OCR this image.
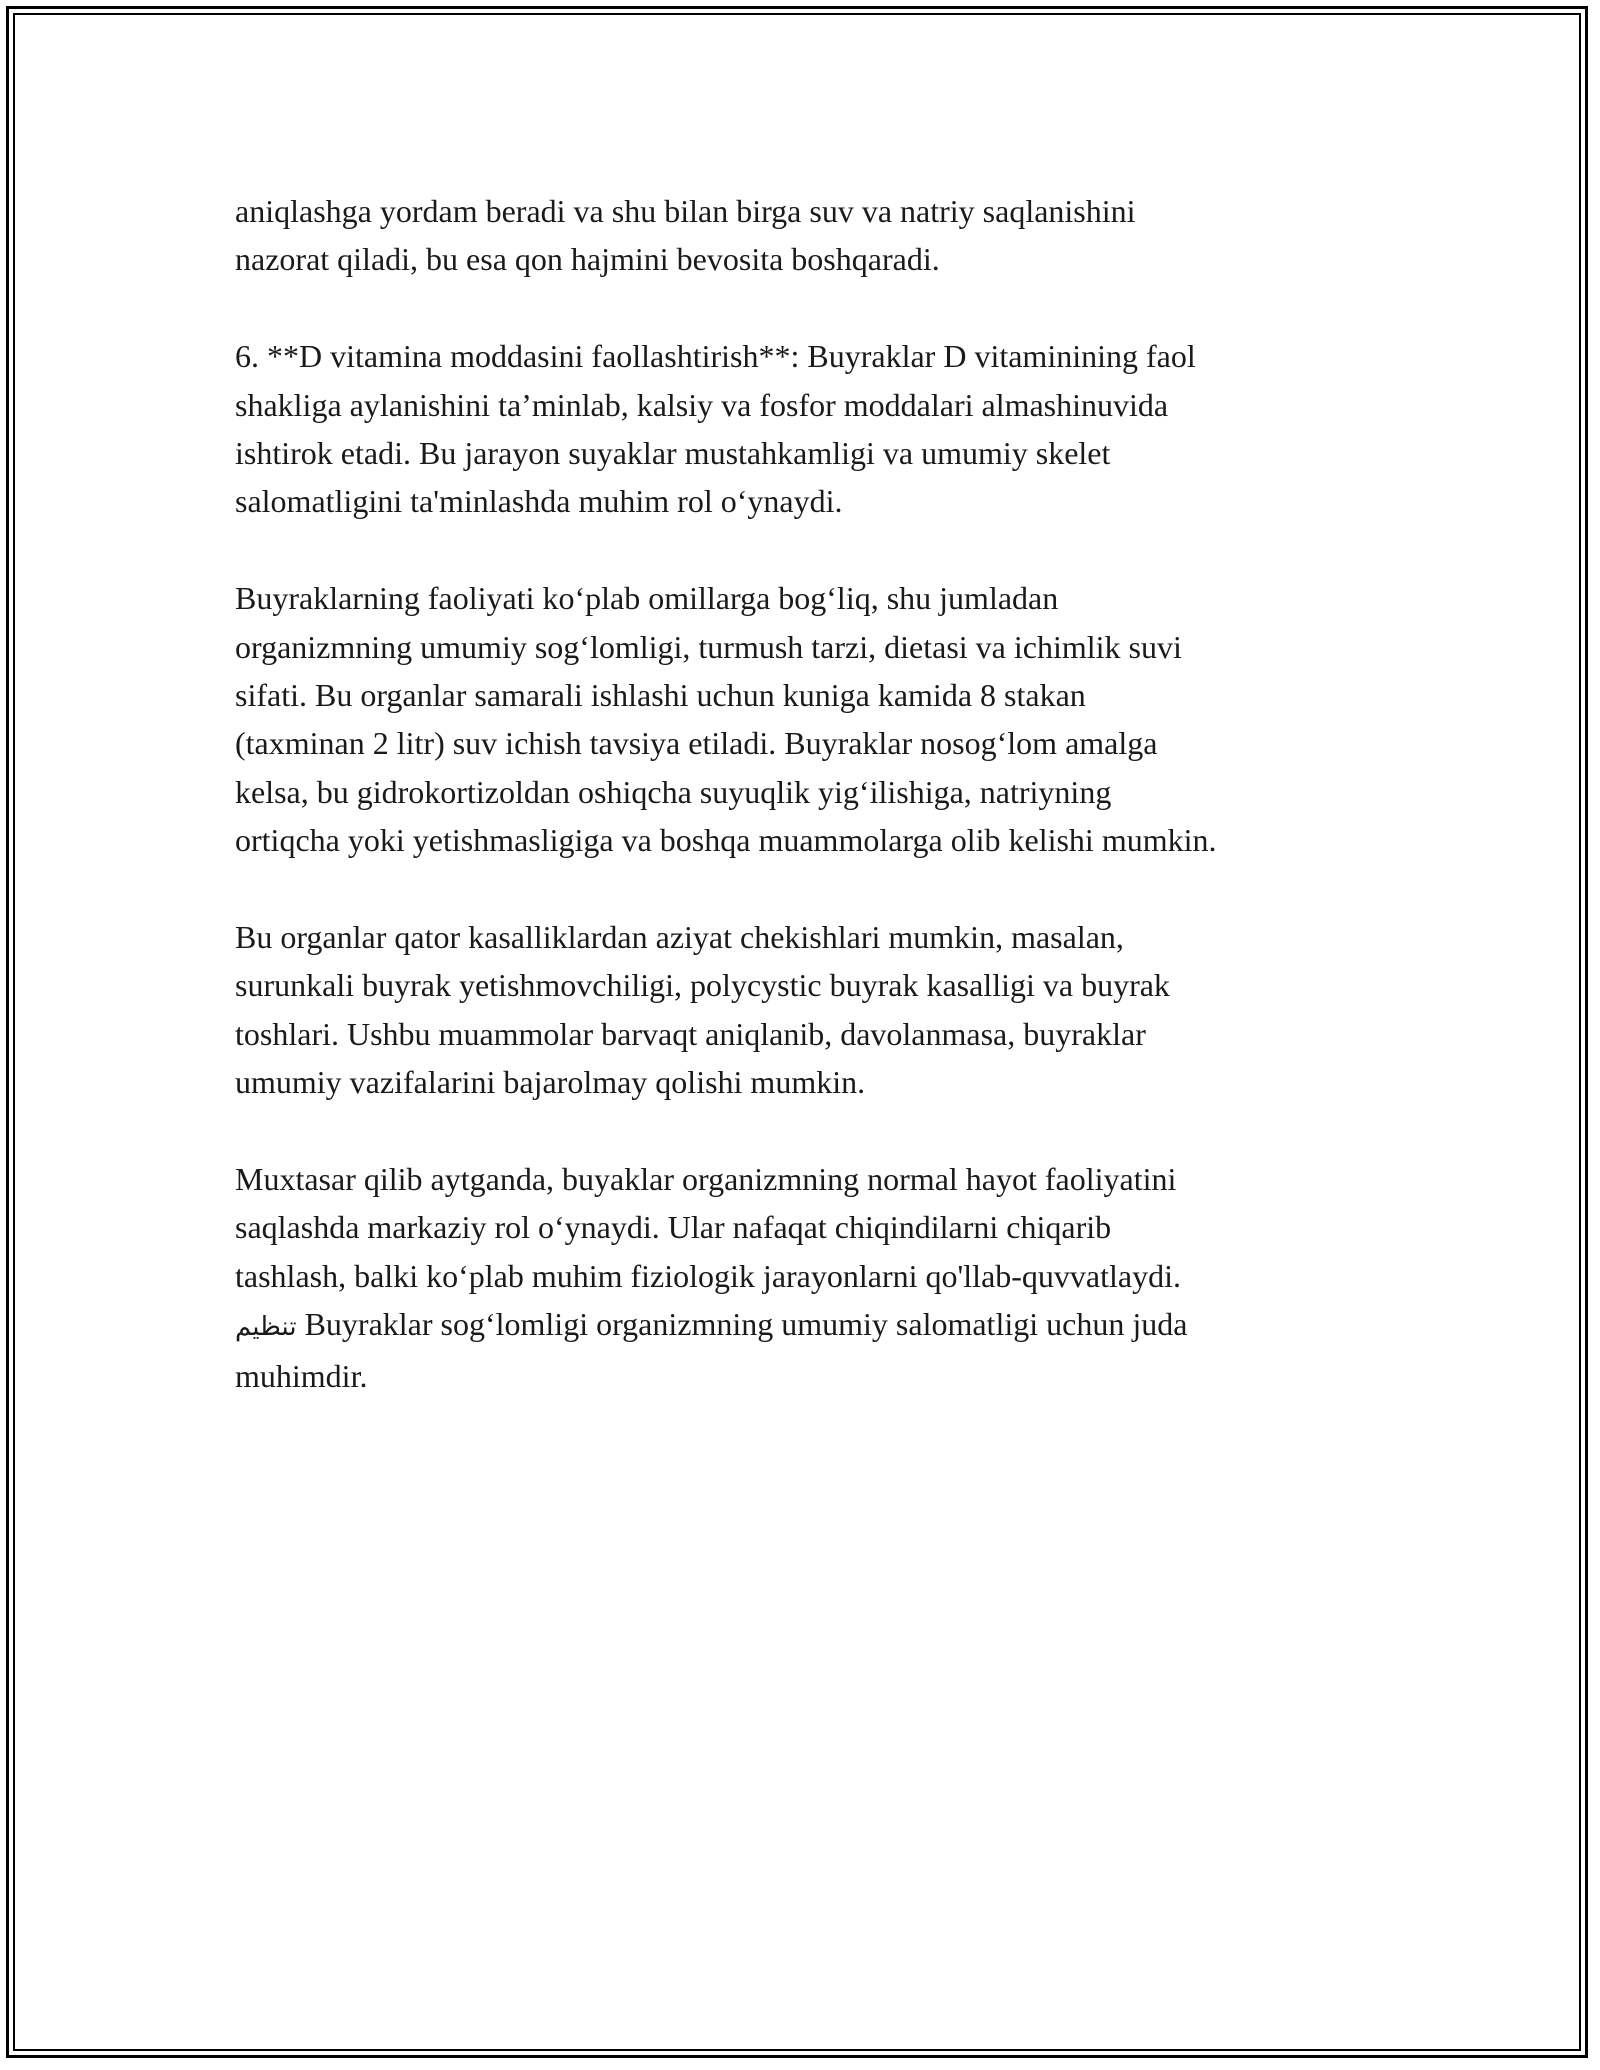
aniqlashga yordam beradi va shu bilan birga suv va natriy saqlanishini
nazorat qiladi, bu esa qon hajmini bevosita boshqaradi.

6. **D vitamina moddasini faollashtirish**: Buyraklar D vitaminining faol
shakliga aylanishini ta’minlab, kalsiy va fosfor moddalari almashinuvida
ishtirok etadi. Bu jarayon suyaklar mustahkamligi va umumiy skelet
salomatligini ta'minlashda muhim rol o‘ynaydi.

Buyraklarning faoliyati ko‘plab omillarga bog‘liq, shu jumladan
organizmning umumiy sog‘lomligi, turmush tarzi, dietasi va ichimlik suvi
sifati. Bu organlar samarali ishlashi uchun kuniga kamida 8 stakan
(taxminan 2 litr) suv ichish tavsiya etiladi. Buyraklar nosog‘lom amalga
kelsa, bu gidrokortizoldan oshiqcha suyuqlik yig‘ilishiga, natriyning
ortiqcha yoki yetishmasligiga va boshqa muammolarga olib kelishi mumkin.

Bu organlar qator kasalliklardan aziyat chekishlari mumkin, masalan,
surunkali buyrak yetishmovchiligi, polycystic buyrak kasalligi va buyrak
toshlari. Ushbu muammolar barvaqt aniqlanib, davolanmasa, buyraklar
umumiy vazifalarini bajarolmay qolishi mumkin.

Muxtasar qilib aytganda, buyaklar organizmning normal hayot faoliyatini
saqlashda markaziy rol o‘ynaydi. Ular nafaqat chiqindilarni chiqarib
tashlash, balki ko‘plab muhim fiziologik jarayonlarni qo'llab-quvvatlaydi.
تنظيم Buyraklar sog‘lomligi organizmning umumiy salomatligi uchun juda
muhimdir.
